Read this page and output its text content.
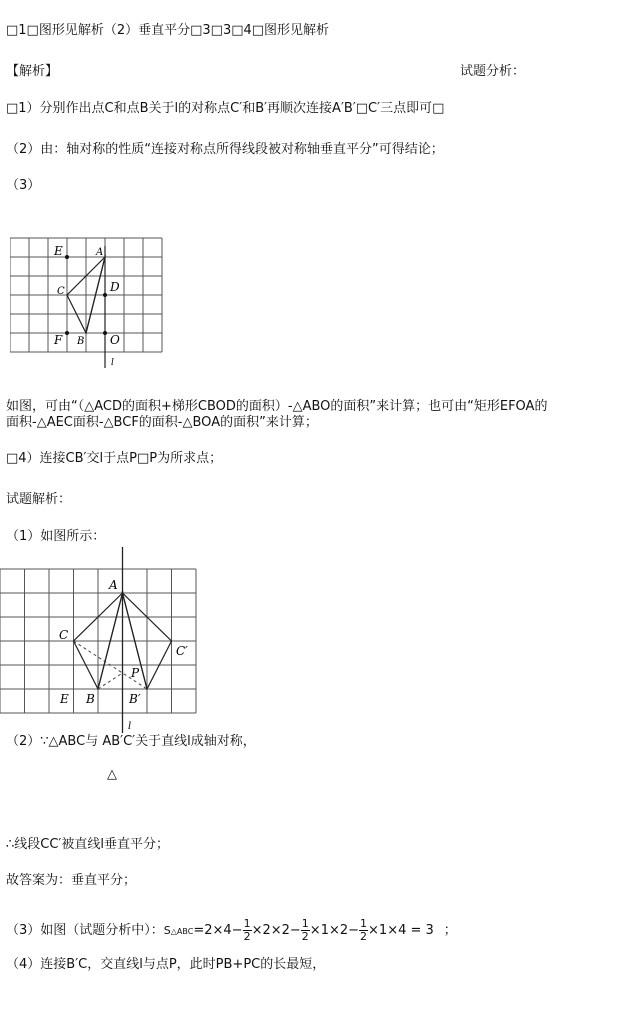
□1□图形见解析（2）垂直平分□3□3□4□图形见解析
【解析】	试题分析：
□1）分别作出点C和点B关于l的对称点C′和B′再顺次连接A′B′□C′三点即可□
（2）由：轴对称的性质“连接对称点所得线段被对称轴垂直平分”可得结论；
（3）
E	A
C	D
F B O
l
如图，可由“（△ACD的面积+梯形CBOD的面积）-△ABO的面积”来计算；也可由“矩形EFOA的
面积-△AEC面积-△BCF的面积-△BOA的面积”来计算；
□4）连接CB′交l于点P□P为所求点；
试题解析：
（1）如图所示：
A
C
C′
P
E B	B′
l
（2）∵△ABC与 AB′C′关于直线l成轴对称，
△
∴线段CC′被直线l垂直平分；
故答案为：垂直平分；
（3）如图（试题分析中）：S△ABC=2×4− $\frac{1}{2} \times 2\times 2- \frac{1}{2} \times 1\times 2- \frac{1}{2} \times 1\times 4 = 3$ ；
（4）连接B′C，交直线l与点P，此时PB+PC的长最短，
